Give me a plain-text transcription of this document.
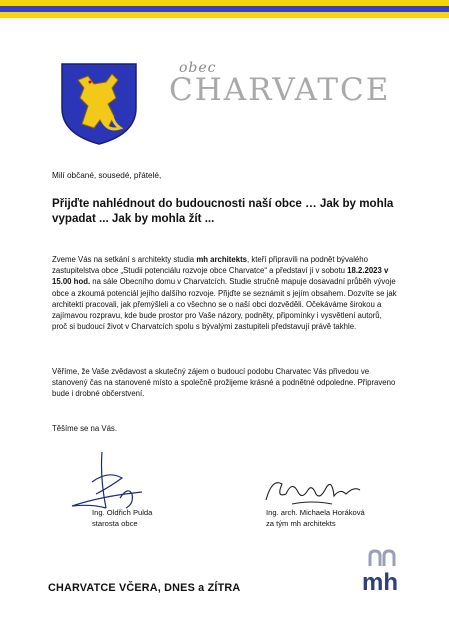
obec
CHARVATCE
Milí občané, sousedé, přátelé,
Přijďte nahlédnout do budoucnosti naší obce … Jak by mohla
vypadat ... Jak by mohla žít ...
Zveme Vás na setkání s architekty studia mh architekts, kteří připravili na podnět bývalého zastupitelstva obce „Studii potenciálu rozvoje obce Charvatce“ a představí ji v sobotu 18.2.2023 v 15.00 hod. na sále Obecního domu v Charvatcích. Studie stručně mapuje dosavadní průběh vývoje obce a zkoumá potenciál jejího dalšího rozvoje. Přijďte se seznámit s jejím obsahem. Dozvíte se jak architekti pracovali, jak přemýšleli a co všechno se o naší obci dozvěděli. Očekáváme širokou a zajímavou rozpravu, kde bude prostor pro Vaše názory, podněty, připomínky i vysvětlení autorů, proč si budoucí život v Charvatcích spolu s bývalými zastupiteli představují právě takhle.
Věříme, že Vaše zvědavost a skutečný zájem o budoucí podobu Charvatec Vás přivedou ve stanovený čas na stanovené místo a společně prožijeme krásné a podnětné odpoledne. Připraveno bude i drobné občerstvení.
Těšíme se na Vás.
Ing. Oldřich Pulda
starosta obce
Ing. arch. Michaela Horáková
za tým mh architekts
CHARVATCE VČERA, DNES a ZÍTRA	mh
